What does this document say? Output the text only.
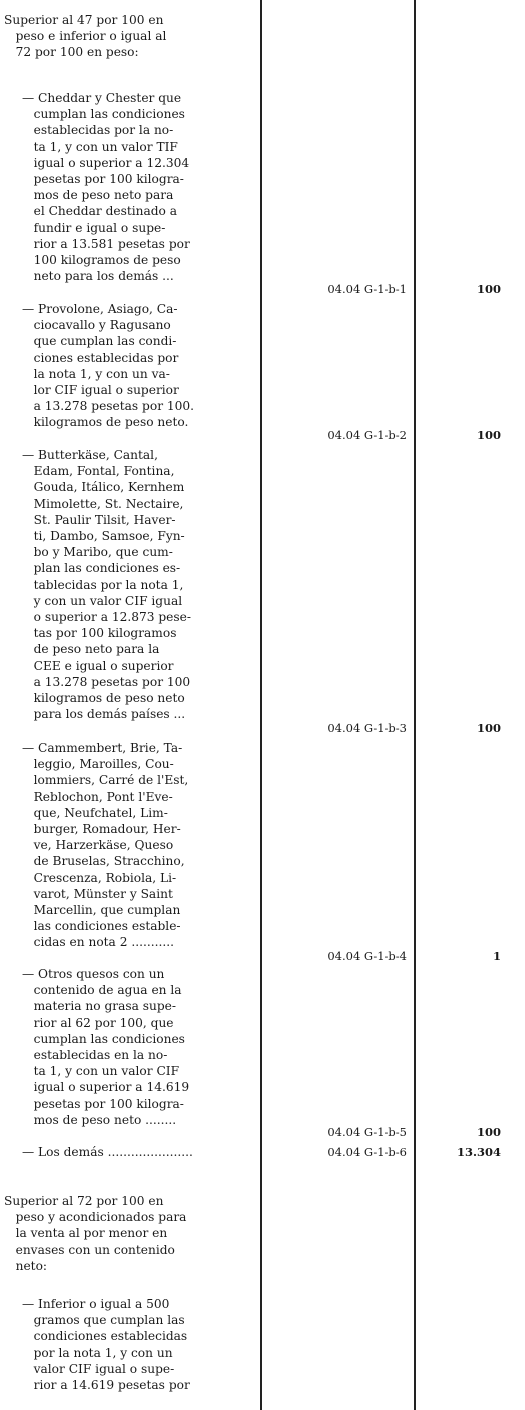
Superior al 47 por 100 en
peso e inferior o igual al
72 por 100 en peso:
— Cheddar y Chester que
cumplan las condiciones
establecidas por la no-
ta 1, y con un valor TIF
igual o superior a 12.304
pesetas por 100 kilogra-
mos de peso neto para
el Cheddar destinado a
fundir e igual o supe-
rior a 13.581 pesetas por
100 kilogramos de peso
neto para los demás ...
04.04 G-1-b-1	100
— Provolone, Asiago, Ca-
ciocavallo y Ragusano
que cumplan las condi-
ciones establecidas por
la nota 1, y con un va-
lor CIF igual o superior
a 13.278 pesetas por 100.
kilogramos de peso neto.
04.04 G-1-b-2	100
— Butterkäse, Cantal,
Edam, Fontal, Fontina,
Gouda, Itálico, Kernhem
Mimolette, St. Nectaire,
St. Paulir Tilsit, Haver-
ti, Dambo, Samsoe, Fyn-
bo y Maribo, que cum-
plan las condiciones es-
tablecidas por la nota 1,
y con un valor CIF igual
o superior a 12.873 pese-
tas por 100 kilogramos
de peso neto para la
CEE e igual o superior
a 13.278 pesetas por 100
kilogramos de peso neto
para los demás países ...
04.04 G-1-b-3	100
— Cammembert, Brie, Ta-
leggio, Maroilles, Cou-
lommiers, Carré de l'Est,
Reblochon, Pont l'Eve-
que, Neufchatel, Lim-
burger, Romadour, Her-
ve, Harzerkäse, Queso
de Bruselas, Stracchino,
Crescenza, Robiola, Li-
varot, Münster y Saint
Marcellin, que cumplan
las condiciones estable-
cidas en nota 2 ...........
04.04 G-1-b-4	1
— Otros quesos con un
contenido de agua en la
materia no grasa supe-
rior al 62 por 100, que
cumplan las condiciones
establecidas en la no-
ta 1, y con un valor CIF
igual o superior a 14.619
pesetas por 100 kilogra-
mos de peso neto ........
04.04 G-1-b-5	100
— Los demás ......................	04.04 G-1-b-6	13.304
Superior al 72 por 100 en
peso y acondicionados para
la venta al por menor en
envases con un contenido
neto:
— Inferior o igual a 500
gramos que cumplan las
condiciones establecidas
por la nota 1, y con un
valor CIF igual o supe-
rior a 14.619 pesetas por
